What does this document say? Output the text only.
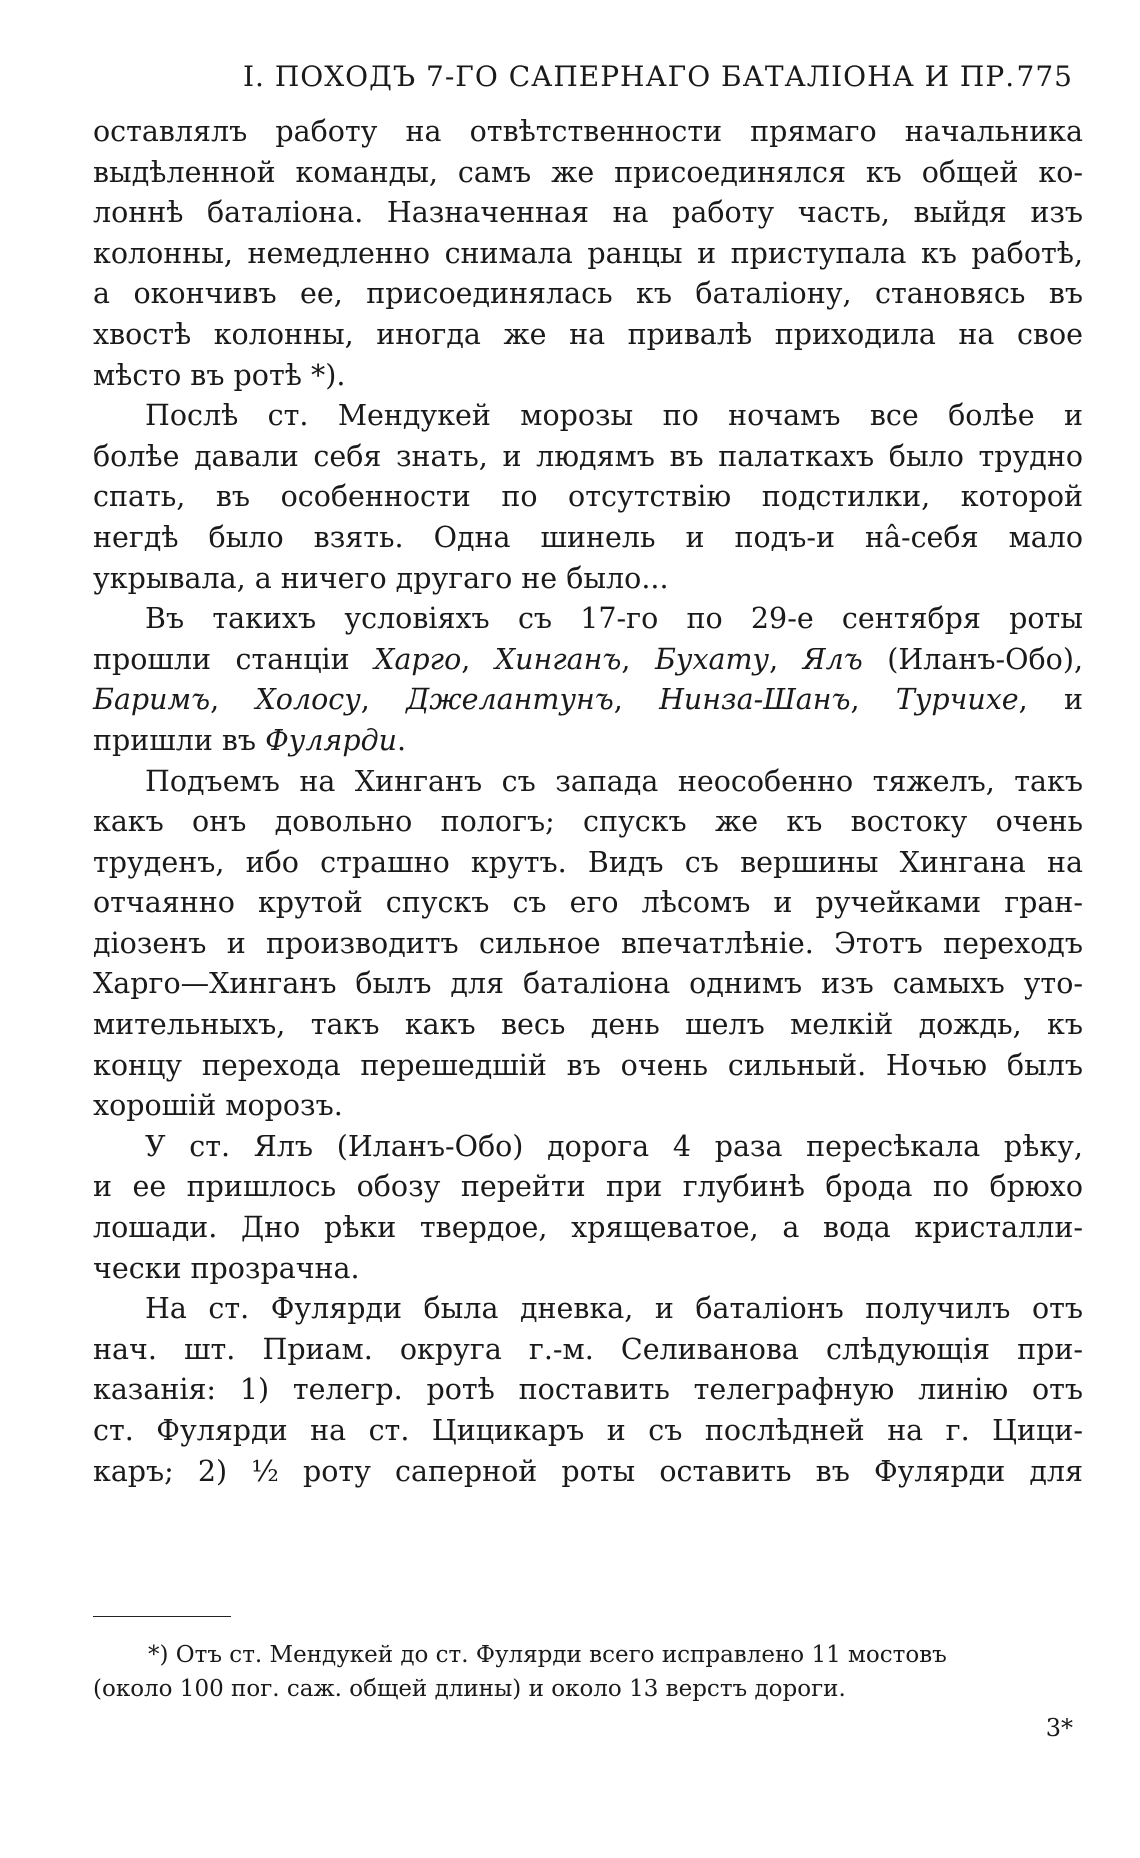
I. ПОХОДЪ 7-ГО САПЕРНАГО БАТАЛІОНА И ПР. 775

оставлялъ работу на отвѣтственности прямаго начальника
выдѣленной команды, самъ же присоединялся къ общей ко-
лоннѣ баталіона. Назначенная на работу часть, выйдя изъ
колонны, немедленно снимала ранцы и приступала къ работѣ,
а окончивъ ее, присоединялась къ баталіону, становясь въ
хвостѣ колонны, иногда же на привалѣ приходила на свое
мѣсто въ ротѣ *).

Послѣ ст. Мендукей морозы по ночамъ все болѣе и
болѣе давали себя знать, и людямъ въ палаткахъ было трудно
спать, въ особенности по отсутствію подстилки, которой
негдѣ было взять. Одна шинель и подъ-и на̂-себя мало
укрывала, а ничего другаго не было...

Въ такихъ условіяхъ съ 17-го по 29-е сентября роты
прошли станціи Харго, Хинганъ, Бухату, Ялъ (Иланъ-Обо),
Баримъ, Холосу, Джелантунъ, Нинза-Шанъ, Турчихе, и
пришли въ Фулярди.

Подъемъ на Хинганъ съ запада неособенно тяжелъ, такъ
какъ онъ довольно пологъ; спускъ же къ востоку очень
труденъ, ибо страшно крутъ. Видъ съ вершины Хингана на
отчаянно крутой спускъ съ его лѣсомъ и ручейками гран-
діозенъ и производитъ сильное впечатлѣніе. Этотъ переходъ
Харго—Хинганъ былъ для баталіона однимъ изъ самыхъ уто-
мительныхъ, такъ какъ весь день шелъ мелкій дождь, къ
концу перехода перешедшій въ очень сильный. Ночью былъ
хорошій морозъ.

У ст. Ялъ (Иланъ-Обо) дорога 4 раза пересѣкала рѣку,
и ее пришлось обозу перейти при глубинѣ брода по брюхо
лошади. Дно рѣки твердое, хрящеватое, а вода кристалли-
чески прозрачна.

На ст. Фулярди была дневка, и баталіонъ получилъ отъ
нач. шт. Приам. округа г.-м. Селиванова слѣдующія при-
казанія: 1) телегр. ротѣ поставить телеграфную линію отъ
ст. Фулярди на ст. Цицикаръ и съ послѣдней на г. Цици-
каръ; 2) ½ роту саперной роты оставить въ Фулярди для

*) Отъ ст. Мендукей до ст. Фулярди всего исправлено 11 мостовъ
(около 100 пог. саж. общей длины) и около 13 верстъ дороги.
3*
